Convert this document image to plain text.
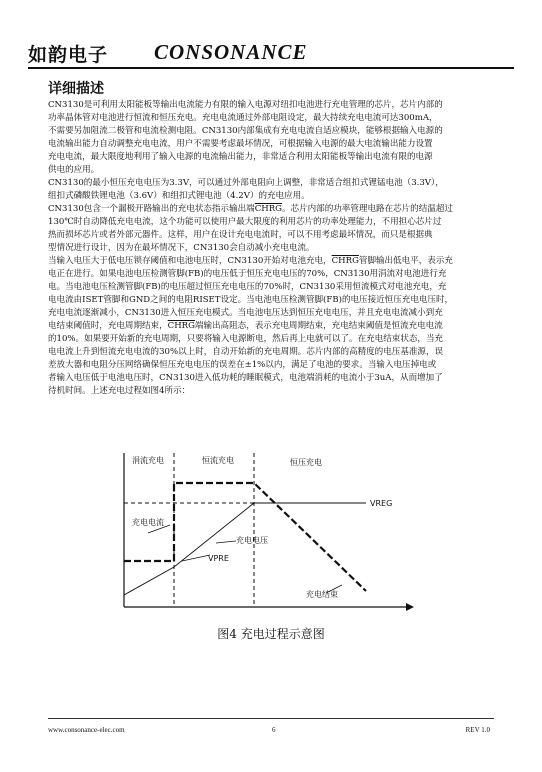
如韵电子 CONSONANCE
详细描述

CN3130是可利用太阳能板等输出电流能力有限的输入电源对纽扣电池进行充电管理的芯片，芯片内部的

功率晶体管对电池进行恒流和恒压充电。充电电流通过外部电阻设定，最大持续充电电流可达300mA，

不需要另加阻流二极管和电流检测电阻。CN3130内部集成有充电电流自适应模块，能够根据输入电源的

电流输出能力自动调整充电电流，用户不需要考虑最坏情况，可根据输入电源的最大电流输出能力设置

充电电流，最大限度地利用了输入电源的电流输出能力，非常适合利用太阳能板等输出电流有限的电源

供电的应用。

CN3130的最小恒压充电电压为3.3V，可以通过外部电阻向上调整，非常适合组扣式锂锰电池（3.3V），

组扣式磷酸铁锂电池（3.6V）和组扣式锂电池（4.2V）的充电应用。

CN3130包含一个漏极开路输出的充电状态指示输出端CHRG。芯片内部的功率管理电路在芯片的结温超过

130℃时自动降低充电电流，这个功能可以使用户最大限度的利用芯片的功率处理能力，不用担心芯片过

热而损坏芯片或者外部元器件。这样，用户在设计充电电流时，可以不用考虑最坏情况，而只是根据典

型情况进行设计，因为在最坏情况下，CN3130会自动减小充电电流。

当输入电压大于低电压锁存阈值和电池电压时，CN3130开始对电池充电，CHRG管脚输出低电平，表示充

电正在进行。如果电池电压检测管脚(FB)的电压低于恒压充电电压的70%，CN3130用涓流对电池进行充

电。当电池电压检测管脚(FB)的电压超过恒压充电电压的70%时，CN3130采用恒流模式对电池充电，充

电电流由ISET管脚和GND之间的电阻RISET设定。当电池电压检测管脚(FB)的电压接近恒压充电电压时，

充电电流逐渐减小，CN3130进入恒压充电模式。当电池电压达到恒压充电电压，并且充电电流减小到充

电结束阈值时，充电周期结束，CHRG端输出高阻态，表示充电周期结束，充电结束阈值是恒流充电电流

的10%。如果要开始新的充电周期，只要将输入电源断电，然后再上电就可以了。在充电结束状态，当充

电电流上升到恒流充电电流的30%以上时，自动开始新的充电周期。芯片内部的高精度的电压基准源，误

差放大器和电阻分压网络确保恒压充电电压的误差在±1%以内，满足了电池的要求。当输入电压掉电或

者输入电压低于电池电压时，CN3130进入低功耗的睡眠模式，电池端消耗的电流小于3uA，从而增加了

待机时间。上述充电过程如图4所示：

涓流充电	恒流充电	恒压充电
VREG
充电电流
充电电压
VPRE
充电结束
图4 充电过程示意图
www.consonance-elec.com	6	REV 1.0
